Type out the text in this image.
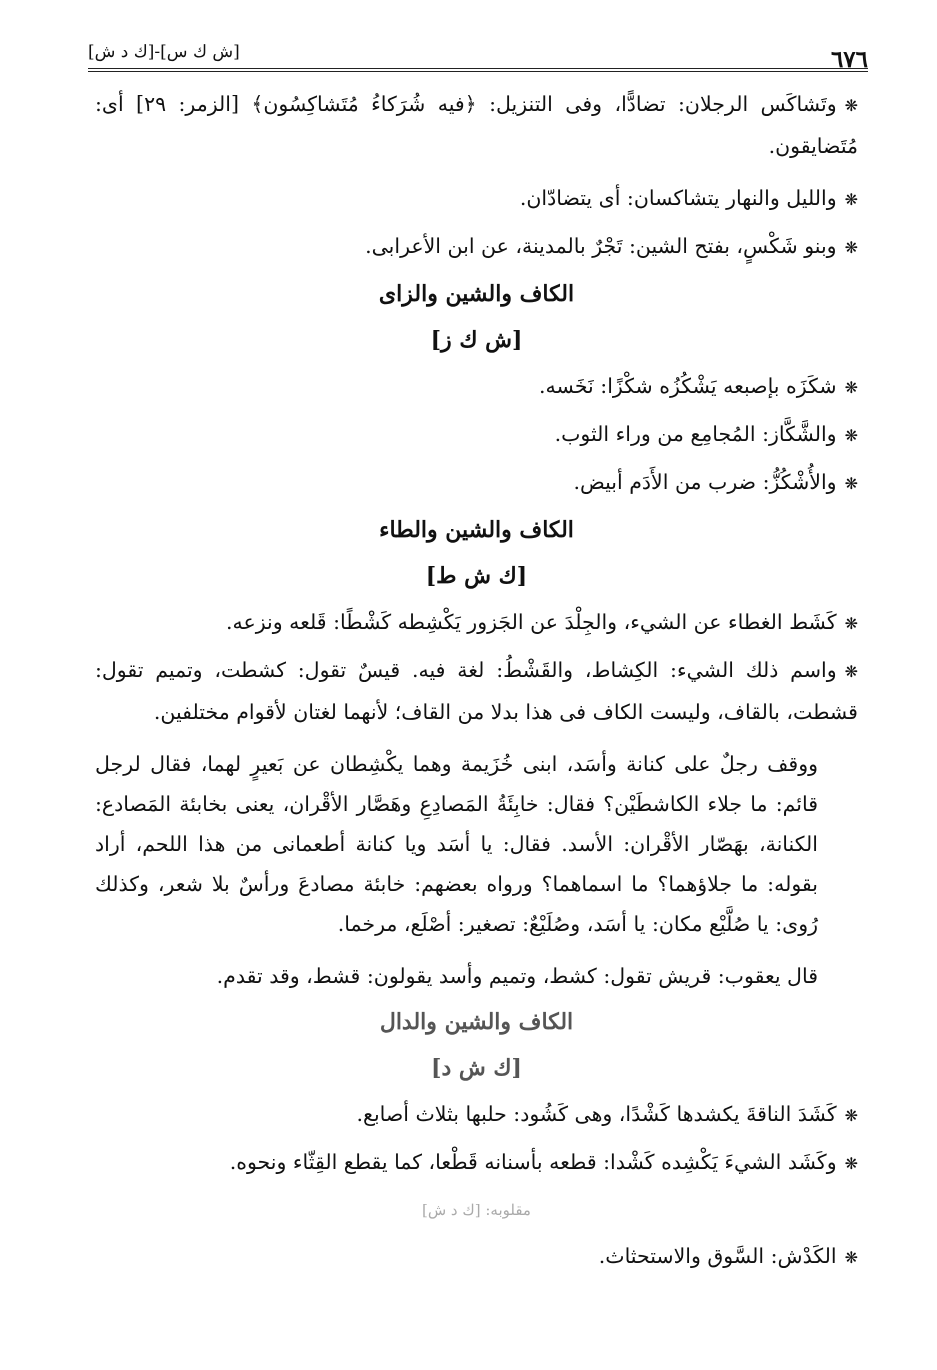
[ش ك س]-[ك د ش]	٦٧٦

❋وتَشاكَس الرجلان: تضادًّا، وفى التنزيل: ﴿فيه شُرَكاءُ مُتَشاكِسُون﴾ [الزمر: ٢٩] أى: مُتَضايقون.

❋والليل والنهار يتشاكسان: أى يتضادّان.

❋وبنو شَكْسٍ، بفتح الشين: تَجْرٌ بالمدينة، عن ابن الأعرابى.

الكاف والشين والزاى
[ش ك ز]

❋شكَزَه بإصبعه يَشْكُزُه شكْزًا: نَخَسه.

❋والشَّكَّاز: المُجامِع من وراء الثوب.

❋والأُشْكُزُّ: ضرب من الأَدَم أبيض.

الكاف والشين والطاء
[ك ش ط]

❋كَشَط الغطاء عن الشيء، والجِلْدَ عن الجَزور يَكْشِطه كَشْطًا: قَلعه ونزعه.

❋واسم ذلك الشيء: الكِشاط، والقَشْطُ: لغة فيه. قيسٌ تقول: كشطت، وتميم تقول: قشطت، بالقاف، وليست الكاف فى هذا بدلا من القاف؛ لأنهما لغتان لأقوام مختلفين.

ووقف رجلٌ على كنانة وأسَد، ابنى خُزَيمة وهما يكْشِطان عن بَعيرٍ لهما، فقال لرجل قائم: ما جلاء الكاشطَيْن؟ فقال: خابِئَةُ المَصادِعِ وهَصَّار الأقْران، يعنى بخابئة المَصادع: الكنانة، بهَصّار الأقْران: الأسد. فقال: يا أسَد ويا كنانة أطعمانى من هذا اللحم، أراد بقوله: ما جلاؤهما؟ ما اسماهما؟ ورواه بعضهم: خابئة مصادعَ ورأسٌ بلا شعر، وكذلك رُوى: يا صُلَّيْع مكان: يا أسَد، وصُلَيْعٌ: تصغير: أصْلَع، مرخما.

قال يعقوب: قريش تقول: كشط، وتميم وأسد يقولون: قشط، وقد تقدم.

الكاف والشين والدال
[ك ش د]

❋كَشَدَ الناقةَ يكشدها كَشْدًا، وهى كَشُود: حلبها بثلاث أصابع.

❋وكَشَد الشيءَ يَكْشِده كَشْدا: قطعه بأسنانه قَطْعا، كما يقطع القِثّاء ونحوه.

مقلوبه: [ك د ش]

❋الكَدْش: السَّوق والاستحثاث.
